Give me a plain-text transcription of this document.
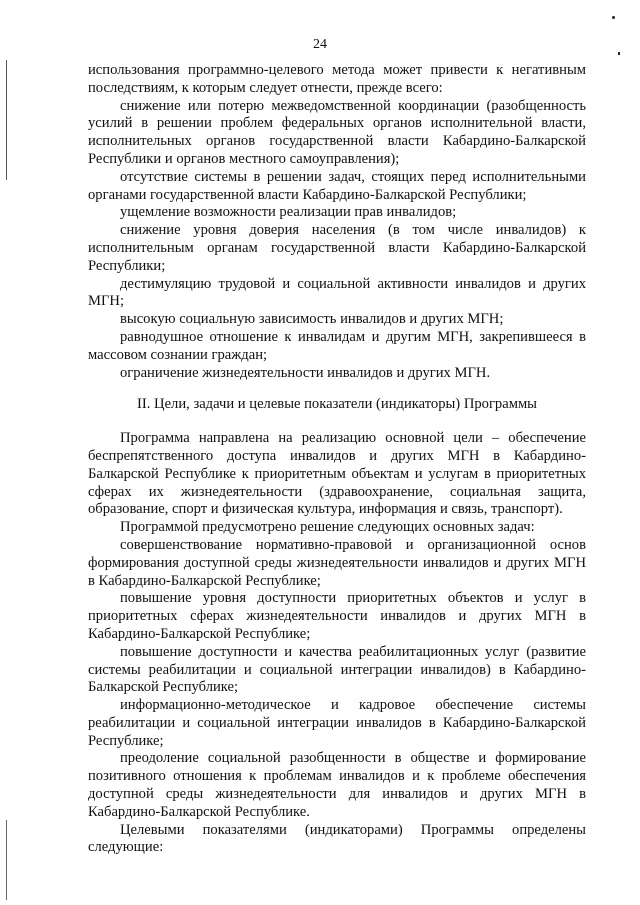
24

использования программно-целевого метода может привести к негативным последствиям, к которым следует отнести, прежде всего:

снижение или потерю межведомственной координации (разобщенность усилий в решении проблем федеральных органов исполнительной власти, исполнительных органов государственной власти Кабардино-Балкарской Республики и органов местного самоуправления);

отсутствие системы в решении задач, стоящих перед исполнительными органами государственной власти Кабардино-Балкарской Республики;

ущемление возможности реализации прав инвалидов;

снижение уровня доверия населения (в том числе инвалидов) к исполнительным органам государственной власти Кабардино-Балкарской Республики;

дестимуляцию трудовой и социальной активности инвалидов и других МГН;

высокую социальную зависимость инвалидов и других МГН;

равнодушное отношение к инвалидам и другим МГН, закрепившееся в массовом сознании граждан;

ограничение жизнедеятельности инвалидов и других МГН.

II. Цели, задачи и целевые показатели (индикаторы) Программы

Программа направлена на реализацию основной цели – обеспечение беспрепятственного доступа инвалидов и других МГН в Кабардино-Балкарской Республике к приоритетным объектам и услугам в приоритетных сферах их жизнедеятельности (здравоохранение, социальная защита, образование, спорт и физическая культура, информация и связь, транспорт).

Программой предусмотрено решение следующих основных задач:

совершенствование нормативно-правовой и организационной основ формирования доступной среды жизнедеятельности инвалидов и других МГН в Кабардино-Балкарской Республике;

повышение уровня доступности приоритетных объектов и услуг в приоритетных сферах жизнедеятельности инвалидов и других МГН в Кабардино-Балкарской Республике;

повышение доступности и качества реабилитационных услуг (развитие системы реабилитации и социальной интеграции инвалидов) в Кабардино-Балкарской Республике;

информационно-методическое и кадровое обеспечение системы реабилитации и социальной интеграции инвалидов в Кабардино-Балкарской Республике;

преодоление социальной разобщенности в обществе и формирование позитивного отношения к проблемам инвалидов и к проблеме обеспечения доступной среды жизнедеятельности для инвалидов и других МГН в Кабардино-Балкарской Республике.

Целевыми показателями (индикаторами) Программы определены следующие:
